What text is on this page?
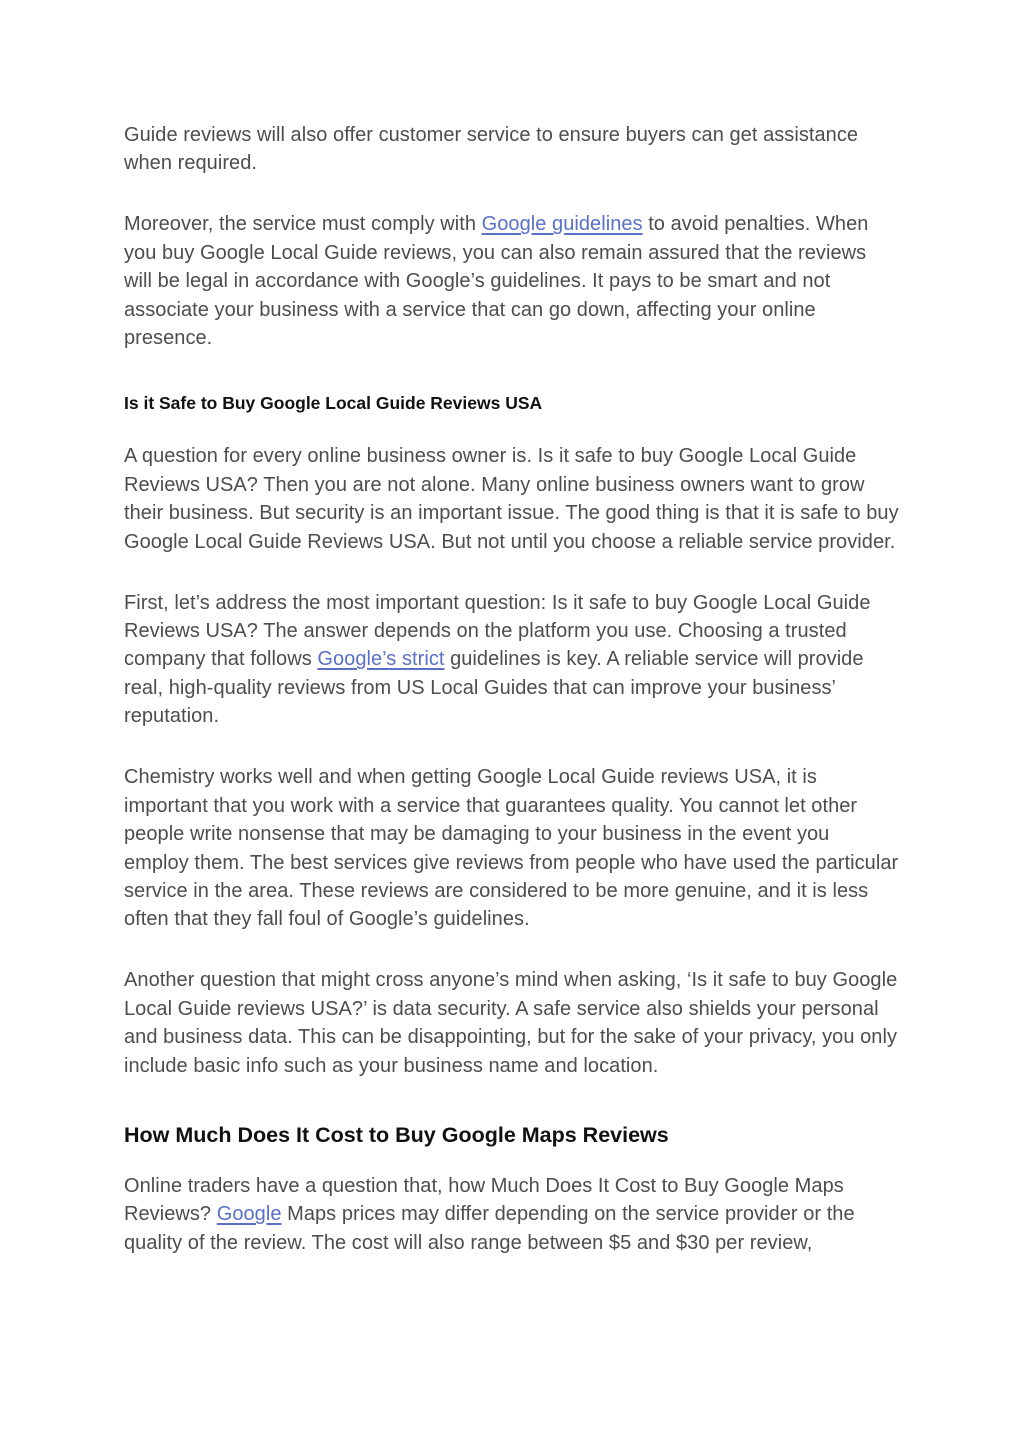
Guide reviews will also offer customer service to ensure buyers can get assistance when required.

Moreover, the service must comply with Google guidelines to avoid penalties. When you buy Google Local Guide reviews, you can also remain assured that the reviews will be legal in accordance with Google’s guidelines. It pays to be smart and not associate your business with a service that can go down, affecting your online presence.

Is it Safe to Buy Google Local Guide Reviews USA

A question for every online business owner is. Is it safe to buy Google Local Guide Reviews USA? Then you are not alone. Many online business owners want to grow their business. But security is an important issue. The good thing is that it is safe to buy Google Local Guide Reviews USA. But not until you choose a reliable service provider.

First, let’s address the most important question: Is it safe to buy Google Local Guide Reviews USA? The answer depends on the platform you use. Choosing a trusted company that follows Google’s strict guidelines is key. A reliable service will provide real, high-quality reviews from US Local Guides that can improve your business’ reputation.

Chemistry works well and when getting Google Local Guide reviews USA, it is important that you work with a service that guarantees quality. You cannot let other people write nonsense that may be damaging to your business in the event you employ them. The best services give reviews from people who have used the particular service in the area. These reviews are considered to be more genuine, and it is less often that they fall foul of Google’s guidelines.

Another question that might cross anyone’s mind when asking, ‘Is it safe to buy Google Local Guide reviews USA?’ is data security. A safe service also shields your personal and business data. This can be disappointing, but for the sake of your privacy, you only include basic info such as your business name and location.

How Much Does It Cost to Buy Google Maps Reviews

Online traders have a question that, how Much Does It Cost to Buy Google Maps Reviews? Google Maps prices may differ depending on the service provider or the quality of the review. The cost will also range between $5 and $30 per review,
